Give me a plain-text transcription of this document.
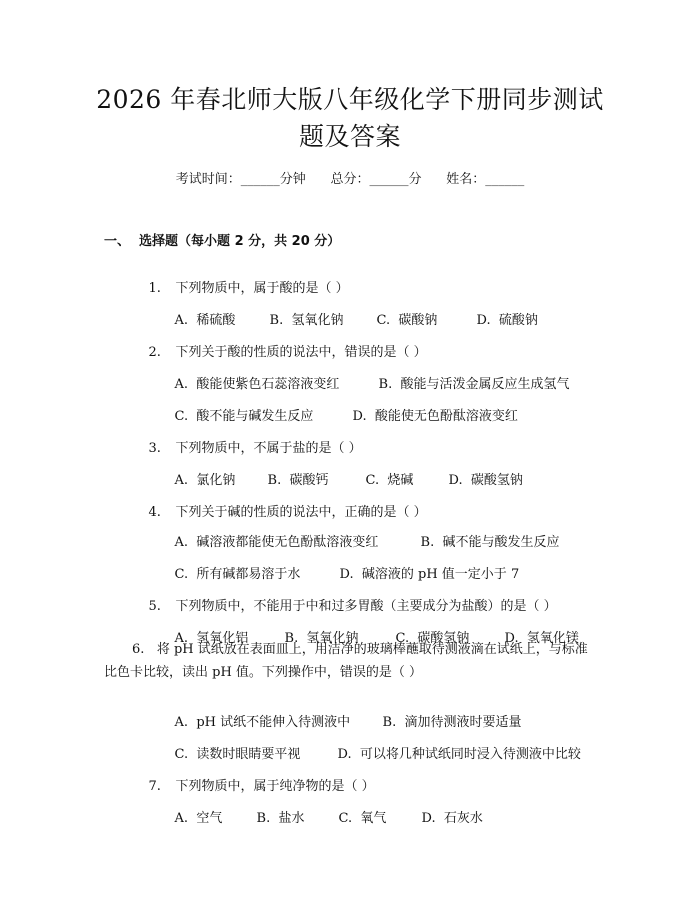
2026 年春北师大版八年级化学下册同步测试
题及答案
考试时间：______分钟      总分：______分      姓名：______
一、  选择题（每小题 2 分，共 20 分）

1. 下列物质中，属于酸的是（ ）

A.  稀硫酸	B.  氢氧化钠	C.  碳酸钠	D.  硫酸钠

2. 下列关于酸的性质的说法中，错误的是（ ）

A.  酸能使紫色石蕊溶液变红	B.  酸能与活泼金属反应生成氢气

C.  酸不能与碱发生反应	D.  酸能使无色酚酞溶液变红

3. 下列物质中，不属于盐的是（ ）

A.  氯化钠 B.  碳酸钙	C.  烧碱	D.  碳酸氢钠

4. 下列关于碱的性质的说法中，正确的是（ ）

A.  碱溶液都能使无色酚酞溶液变红	B.  碱不能与酸发生反应

C.  所有碱都易溶于水	D.  碱溶液的 pH 值一定小于 7

5. 下列物质中，不能用于中和过多胃酸（主要成分为盐酸）的是（ ）

A.  氢氧化铝	B.  氢氧化钠	C.  碳酸氢钠	D.  氢氧化镁

6. 将 pH 试纸放在表面皿上，用洁净的玻璃棒蘸取待测液滴在试纸上，与标准比色卡比较，读出 pH 值。下列操作中，错误的是（ ）

A.  pH 试纸不能伸入待测液中 B.  滴加待测液时要适量

C.  读数时眼睛要平视	D.  可以将几种试纸同时浸入待测液中比较

7. 下列物质中，属于纯净物的是（ ）

A.  空气	B.  盐水	C.  氧气	D.  石灰水
